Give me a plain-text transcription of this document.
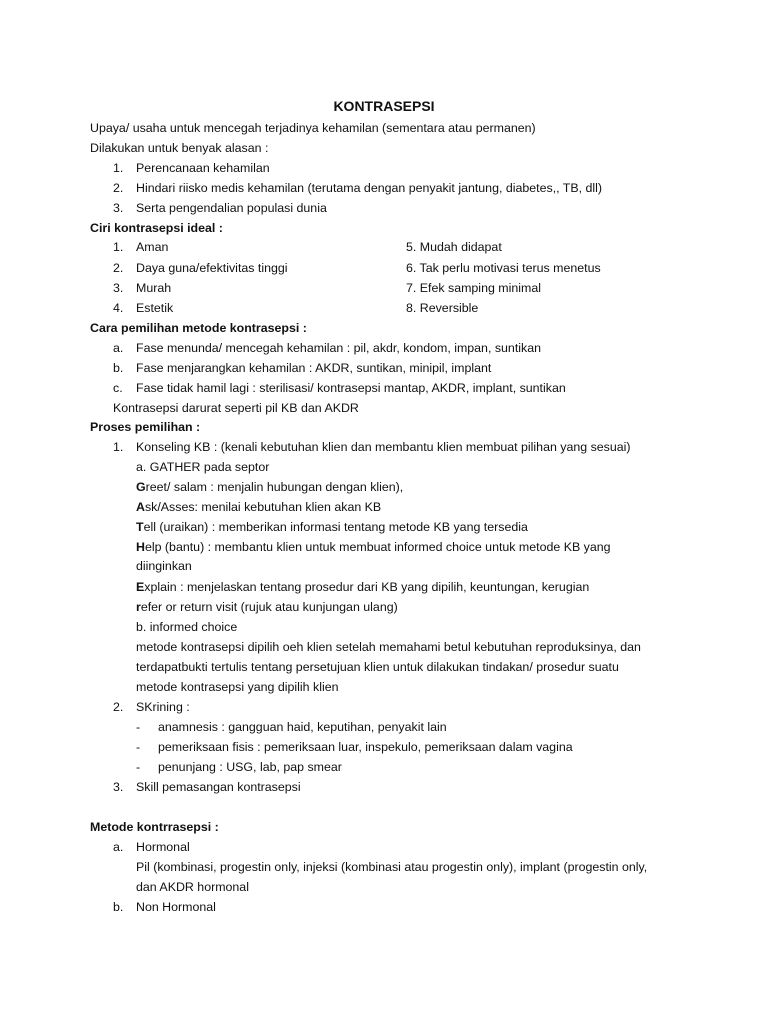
KONTRASEPSI
Upaya/ usaha untuk mencegah terjadinya kehamilan (sementara atau permanen)
Dilakukan untuk benyak alasan :
1. Perencanaan kehamilan
2. Hindari riisko medis kehamilan (terutama dengan penyakit jantung, diabetes,, TB, dll)
3. Serta pengendalian populasi dunia
Ciri kontrasepsi ideal :
1. Aman
2. Daya guna/efektivitas tinggi
3. Murah
4. Estetik
5. Mudah didapat
6. Tak perlu motivasi terus menetus
7. Efek samping minimal
8. Reversible
Cara pemilihan metode kontrasepsi :
a. Fase menunda/ mencegah kehamilan : pil, akdr, kondom, impan, suntikan
b. Fase menjarangkan kehamilan : AKDR, suntikan, minipil, implant
c. Fase tidak hamil lagi : sterilisasi/ kontrasepsi mantap, AKDR, implant, suntikan
Kontrasepsi darurat seperti pil KB dan AKDR
Proses pemilihan :
1. Konseling KB : (kenali kebutuhan klien dan membantu klien membuat pilihan yang sesuai)
a. GATHER pada septor
Greet/ salam : menjalin hubungan dengan klien),
Ask/Asses: menilai kebutuhan klien akan KB
Tell (uraikan) : memberikan informasi tentang metode KB yang tersedia
Help (bantu) : membantu klien untuk membuat informed choice untuk metode KB yang
diinginkan
Explain : menjelaskan tentang prosedur dari KB yang dipilih, keuntungan, kerugian
refer or return visit (rujuk atau kunjungan ulang)
b. informed choice
metode kontrasepsi dipilih oeh klien setelah memahami betul kebutuhan reproduksinya, dan
terdapatbukti tertulis tentang persetujuan klien untuk dilakukan tindakan/ prosedur suatu
metode kontrasepsi yang dipilih klien
2. SKrining :
- anamnesis : gangguan haid, keputihan, penyakit lain
- pemeriksaan fisis : pemeriksaan luar, inspekulo, pemeriksaan dalam vagina
- penunjang : USG, lab, pap smear
3. Skill pemasangan kontrasepsi
Metode kontrrasepsi :
a. Hormonal
Pil (kombinasi, progestin only, injeksi (kombinasi atau progestin only), implant (progestin only,
dan AKDR hormonal
b. Non Hormonal
